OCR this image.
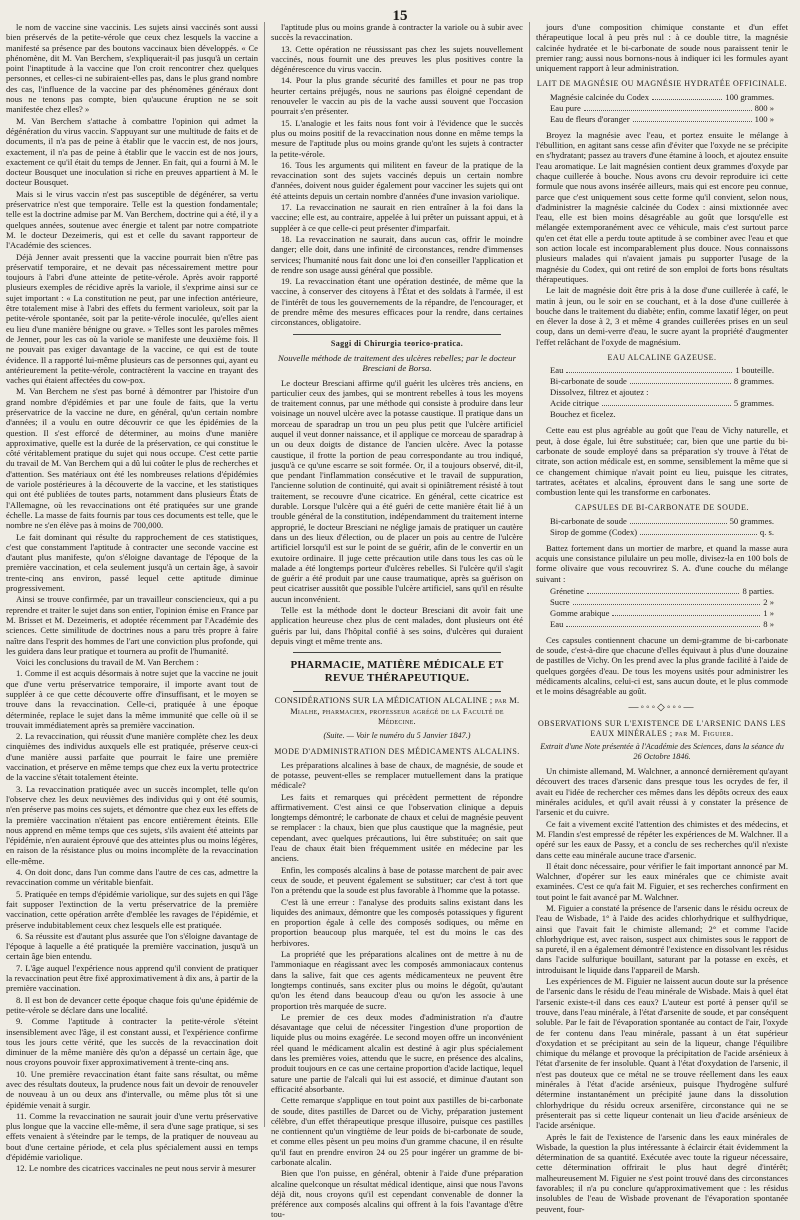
15

le nom de vaccine sine vaccinis. Les sujets ainsi vaccinés sont aussi bien préservés de la petite-vérole que ceux chez lesquels la vaccine a manifesté sa présence par des boutons vaccinaux bien développés. « Ce phénomène, dit M. Van Berchem, s'expliquerait-il pas jusqu'à un certain point l'inaptitude à la vaccine que l'on croit rencontrer chez quelques personnes, et celles-ci ne subiraient-elles pas, dans le plus grand nombre des cas, l'influence de la vaccine par des phénomènes généraux dont nous ne tenons pas compte, bien qu'aucune éruption ne se soit manifestée chez elles? »

M. Van Berchem s'attache à combattre l'opinion qui admet la dégénération du virus vaccin. S'appuyant sur une multitude de faits et de documents, il n'a pas de peine à établir que le vaccin est, de nos jours, exactement, il n'a pas de peine à établir que le vaccin est de nos jours, exactement ce qu'il était du temps de Jenner. En fait, qui a fourni à M. le docteur Bousquet une inoculation si riche en preuves appartient à M. le docteur Bousquet.

Mais si le virus vaccin n'est pas susceptible de dégénérer, sa vertu préservatrice n'est que temporaire. Telle est la question fondamentale; telle est la doctrine admise par M. Van Berchem, doctrine qui a été, il y a quelques années, soutenue avec énergie et talent par notre compatriote M. le docteur Dezeimeris, qui est et celle du savant rapporteur de l'Académie des sciences.

Déjà Jenner avait pressenti que la vaccine pourrait bien n'être pas préservatif temporaire, et ne devait pas nécessairement mettre pour toujours à l'abri d'une atteinte de petite-vérole. Après avoir rapporté plusieurs exemples de récidive après la variole, il s'exprime ainsi sur ce sujet important : « La constitution ne peut, par une infection antérieure, être totalement mise à l'abri des effets du ferment varioleux, soit par la petite-vérole spontanée, soit par la petite-vérole inoculée, qu'elles aient eu lieu d'une manière bénigne ou grave. » Telles sont les paroles mêmes de Jenner, pour les cas où la variole se manifeste une deuxième fois. Il ne pouvait pas exiger davantage de la vaccine, ce qui est de toute évidence. Il a rapporté lui-même plusieurs cas de personnes qui, ayant eu antérieurement la petite-vérole, contractèrent la vaccine en trayant des vaches qui étaient affectées du cow-pox.

M. Van Berchem ne s'est pas borné à démontrer par l'histoire d'un grand nombre d'épidémies et par une foule de faits, que la vertu préservatrice de la vaccine ne dure, en général, qu'un certain nombre d'années; il a voulu en outre découvrir ce que les épidémies de la question. Il s'est efforcé de déterminer, au moins d'une manière approximative, quelle est la durée de la préservation, ce qui constitue le côté véritablement pratique du sujet qui nous occupe. C'est cette partie du travail de M. Van Berchem qui a dû lui coûter le plus de recherches et d'attention. Ses matériaux ont été les nombreuses relations d'épidémies de variole postérieures à la découverte de la vaccine, et les statistiques qui ont été publiées de toutes parts, notamment dans plusieurs États de l'Allemagne, où les revaccinations ont été pratiquées sur une grande échelle. La masse de faits fournis par tous ces documents est telle, que le nombre ne s'en élève pas à moins de 700,000.

Le fait dominant qui résulte du rapprochement de ces statistiques, c'est que constamment l'aptitude à contracter une seconde vaccine est d'autant plus manifeste, qu'on s'éloigne davantage de l'époque de la première vaccination, et cela seulement jusqu'à un certain âge, à savoir trente-cinq ans environ, passé lequel cette aptitude diminue progressivement.

Ainsi se trouve confirmée, par un travailleur consciencieux, qui a pu reprendre et traiter le sujet dans son entier, l'opinion émise en France par M. Brisset et M. Dezeimeris, et adoptée récemment par l'Académie des sciences. Cette similitude de doctrines nous a paru très propre à faire naître dans l'esprit des hommes de l'art une conviction plus profonde, qui les guidera dans leur pratique et tournera au profit de l'humanité.

Voici les conclusions du travail de M. Van Berchem :

1. Comme il est acquis désormais à notre sujet que la vaccine ne jouit que d'une vertu préservatrice temporaire, il importe avant tout de suppléer à ce que cette découverte offre d'insuffisant, et le moyen se trouve dans la revaccination. Celle-ci, pratiquée à une époque déterminée, replace le sujet dans la même immunité que celle où il se trouvait immédiatement après sa première vaccination.

2. La revaccination, qui réussit d'une manière complète chez les deux cinquièmes des individus auxquels elle est pratiquée, préserve ceux-ci d'une manière aussi parfaite que pourrait le faire une première vaccination, et préserve en même temps que chez eux la vertu protectrice de la vaccine s'était totalement éteinte.

3. La revaccination pratiquée avec un succès incomplet, telle qu'on l'observe chez les deux neuvièmes des individus qui y ont été soumis, n'en préserve pas moins ces sujets, et démontre que chez eux les effets de la première vaccination n'étaient pas encore entièrement éteints. Elle nous apprend en même temps que ces sujets, s'ils avaient été atteints par l'épidémie, n'en auraient éprouvé que des atteintes plus ou moins légères, en raison de la résistance plus ou moins incomplète de la revaccination elle-même.

4. On doit donc, dans l'un comme dans l'autre de ces cas, admettre la revaccination comme un véritable bienfait.

5. Pratiquée en temps d'épidémie variolique, sur des sujets en qui l'âge fait supposer l'extinction de la vertu préservatrice de la première vaccination, cette opération arrête d'emblée les ravages de l'épidémie, et préserve indubitablement ceux chez lesquels elle est pratiquée.

6. Sa réussite est d'autant plus assurée que l'on s'éloigne davantage de l'époque à laquelle a été pratiquée la première vaccination, jusqu'à un certain âge bien entendu.

7. L'âge auquel l'expérience nous apprend qu'il convient de pratiquer la revaccination peut être fixé approximativement à dix ans, à partir de la première vaccination.

8. Il est bon de devancer cette époque chaque fois qu'une épidémie de petite-vérole se déclare dans une localité.

9. Comme l'aptitude à contracter la petite-vérole s'éteint insensiblement avec l'âge, il est constant aussi, et l'expérience confirme tous les jours cette vérité, que les succès de la revaccination doit diminuer de la même manière dès qu'on a dépassé un certain âge, que nous croyons pouvoir fixer approximativement à trente-cinq ans.

10. Une première revaccination étant faite sans résultat, ou même avec des résultats douteux, la prudence nous fait un devoir de renouveler de nouveau à un ou deux ans d'intervalle, ou même plus tôt si une épidémie venait à surgir.

11. Comme la revaccination ne saurait jouir d'une vertu préservative plus longue que la vaccine elle-même, il sera d'une sage pratique, si ses effets venaient à s'éteindre par le temps, de la pratiquer de nouveau au bout d'une certaine période, et cela plus spécialement aussi en temps d'épidémie variolique.

12. Le nombre des cicatrices vaccinales ne peut nous servir à mesurer

l'aptitude plus ou moins grande à contracter la variole ou à subir avec succès la revaccination.

13. Cette opération ne réussissant pas chez les sujets nouvellement vaccinés, nous fournit une des preuves les plus positives contre la dégénérescence du virus vaccin.

14. Pour la plus grande sécurité des familles et pour ne pas trop heurter certains préjugés, nous ne saurions pas éloigné cependant de renouveler le vaccin au pis de la vache aussi souvent que l'occasion pourrait s'en présenter.

15. L'analogie et les faits nous font voir à l'évidence que le succès plus ou moins positif de la revaccination nous donne en même temps la mesure de l'aptitude plus ou moins grande qu'ont les sujets à contracter la petite-vérole.

16. Tous les arguments qui militent en faveur de la pratique de la revaccination sont des sujets vaccinés depuis un certain nombre d'années, doivent nous guider également pour vacciner les sujets qui ont été atteints depuis un certain nombre d'années d'une invasion variolique.

17. La revaccination ne saurait en rien entraîner à la foi dans la vaccine; elle est, au contraire, appelée à lui prêter un puissant appui, et à suppléer à ce que celle-ci peut présenter d'imparfait.

18. La revaccination ne saurait, dans aucun cas, offrir le moindre danger; elle doit, dans une infinité de circonstances, rendre d'immenses services; l'humanité nous fait donc une loi d'en conseiller l'application et de rendre son usage aussi général que possible.

19. La revaccination étant une opération destinée, de même que la vaccine, à conserver des citoyens à l'État et des soldats à l'armée, il est de l'intérêt de tous les gouvernements de la répandre, de l'encourager, et de prendre même des mesures efficaces pour la rendre, dans certaines circonstances, obligatoire.

Saggi di Chirurgia teorico-pratica.
Nouvelle méthode de traitement des ulcères rebelles; par le docteur Bresciani de Borsa.

Le docteur Bresciani affirme qu'il guérit les ulcères très anciens, en particulier ceux des jambes, qui se montrent rebelles à tous les moyens de traitement connus, par une méthode qui consiste à produire dans leur voisinage un nouvel ulcère avec la potasse caustique. Il pratique dans un morceau de sparadrap un trou un peu plus petit que l'ulcère artificiel auquel il veut donner naissance, et il applique ce morceau de sparadrap à un ou deux doigts de distance de l'ancien ulcère. Avec la potasse caustique, il frotte la portion de peau correspondante au trou indiqué, jusqu'à ce qu'une escarre se soit formée. Or, il a toujours observé, dit-il, que pendant l'inflammation consécutive et le travail de suppuration, l'ancienne solution de continuité, qui avait si opiniâtrement résisté à tout traitement, se recouvre d'une cicatrice. En général, cette cicatrice est durable. Lorsque l'ulcère qui a été guéri de cette manière était lié à un trouble général de la constitution, indépendamment du traitement interne approprié, le docteur Bresciani ne néglige jamais de pratiquer un cautère dans un des lieux d'élection, ou de placer un pois au centre de l'ulcère artificiel lorsqu'il est sur le point de se guérir, afin de le convertir en un exutoire ordinaire. Il juge cette précaution utile dans tous les cas où le malade a été longtemps porteur d'ulcères rebelles. Si l'ulcère qu'il s'agit de guérir a été produit par une cause traumatique, après sa guérison on peut cicatriser aussitôt que possible l'ulcère artificiel, sans qu'il en résulte aucun inconvénient.

Telle est la méthode dont le docteur Bresciani dit avoir fait une application heureuse chez plus de cent malades, dont plusieurs ont été guéris par lui, dans l'hôpital confié à ses soins, d'ulcères qui duraient depuis vingt et même trente ans.

PHARMACIE, MATIÈRE MÉDICALE ET REVUE THÉRAPEUTIQUE.
CONSIDÉRATIONS SUR LA MÉDICATION ALCALINE ; par M. Mialhe, pharmacien, professeur agrégé de la Faculté de Médecine.
(Suite. — Voir le numéro du 5 Janvier 1847.)
MODE D'ADMINISTRATION DES MÉDICAMENTS ALCALINS.

Les préparations alcalines à base de chaux, de magnésie, de soude et de potasse, peuvent-elles se remplacer mutuellement dans la pratique médicale?

Les faits et remarques qui précèdent permettent de répondre affirmativement. C'est ainsi ce que l'observation clinique a depuis longtemps démontré; le carbonate de chaux et celui de magnésie peuvent se remplacer : la chaux, bien que plus caustique que la magnésie, peut cependant, avec quelques précautions, lui être substituée; on sait que l'eau de chaux était bien fréquemment usitée en médecine par les anciens.

Enfin, les composés alcalins à base de potasse marchent de pair avec ceux de soude, et peuvent également se substituer; car c'est à tort que l'on a prétendu que la soude est plus favorable à l'homme que la potasse.

C'est là une erreur : l'analyse des produits salins existant dans les liquides des animaux, démontre que les composés potassiques y figurent en proportion égale à celle des composés sodiques, ou même en proportion beaucoup plus marquée, tel est du moins le cas des herbivores.

La propriété que les préparations alcalines ont de mettre à nu de l'ammoniaque en réagissant avec les composés ammoniacaux contenus dans la salive, fait que ces agents médicamenteux ne peuvent être longtemps continués, sans exciter plus ou moins le dégoût, qu'autant qu'on les étend dans beaucoup d'eau ou qu'on les associe à une proportion très marquée de sucre.

Le premier de ces deux modes d'administration n'a d'autre désavantage que celui de nécessiter l'ingestion d'une proportion de liquide plus ou moins exagérée. Le second moyen offre un inconvénient réel quand le médicament alcalin est destiné à agir plus spécialement dans les premières voies, attendu que le sucre, en présence des alcalins, produit toujours en ce cas une certaine proportion d'acide lactique, lequel sature une partie de l'alcali qui lui est associé, et diminue d'autant son efficacité absorbante.

Cette remarque s'applique en tout point aux pastilles de bi-carbonate de soude, dites pastilles de Darcet ou de Vichy, préparation justement célèbre, d'un effet thérapeutique presque illusoire, puisque ces pastilles ne contiennent qu'un vingtième de leur poids de bi-carbonate de soude, et comme elles pèsent un peu moins d'un gramme chacune, il en résulte qu'il faut en prendre environ 24 ou 25 pour ingérer un gramme de bi-carbonate alcalin.

Bien que l'on puisse, en général, obtenir à l'aide d'une préparation alcaline quelconque un résultat médical identique, ainsi que nous l'avons déjà dit, nous croyons qu'il est cependant convenable de donner la préférence aux composés alcalins qui offrent à la fois l'avantage d'être tou-

jours d'une composition chimique constante et d'un effet thérapeutique local à peu près nul : à ce double titre, la magnésie calcinée hydratée et le bi-carbonate de soude nous paraissent tenir le premier rang; aussi nous bornons-nous à indiquer ici les formules ayant uniquement rapport à leur administration.

LAIT DE MAGNÉSIE OU MAGNÉSIE HYDRATÉE OFFICINALE.
Magnésie calcinée du Codex	100 grammes.
Eau pure	800 »
Eau de fleurs d'oranger	100 »

Broyez la magnésie avec l'eau, et portez ensuite le mélange à l'ébullition, en agitant sans cesse afin d'éviter que l'oxyde ne se précipite en s'hydratant; passez au travers d'une étamine à looch, et ajoutez ensuite l'eau aromatique. Le lait magnésien contient deux grammes d'oxyde par chaque cuillerée à bouche. Nous avons cru devoir reproduire ici cette formule que nous avons insérée ailleurs, mais qui est encore peu connue, parce que c'est uniquement sous cette forme qu'il convient, selon nous, d'administrer la magnésie calcinée du Codex : ainsi mixtionnée avec l'eau, elle est bien moins désagréable au goût que lorsqu'elle est mélangée extemporanément avec ce véhicule, mais c'est surtout parce qu'en cet état elle a perdu toute aptitude à se combiner avec l'eau et que son action locale est incomparablement plus douce. Nous connaissons plusieurs malades qui n'avaient jamais pu supporter l'usage de la magnésie du Codex, qui ont retiré de son emploi de forts bons résultats thérapeutiques.

Le lait de magnésie doit être pris à la dose d'une cuillerée à café, le matin à jeun, ou le soir en se couchant, et à la dose d'une cuillerée à bouche dans le traitement du diabète; enfin, comme laxatif léger, on peut en élever la dose à 2, 3 et même 4 grandes cuillerées prises en un seul coup, dans un demi-verre d'eau, le sucre ayant la propriété d'augmenter l'effet relâchant de l'oxyde de magnésium.

EAU ALCALINE GAZEUSE.
Eau	1 bouteille.
Bi-carbonate de soude	8 grammes.
Dissolvez, filtrez et ajoutez :
Acide citrique	5 grammes.
Bouchez et ficelez.

Cette eau est plus agréable au goût que l'eau de Vichy naturelle, et peut, à dose égale, lui être substituée; car, bien que une partie du bi-carbonate de soude employé dans sa préparation s'y trouve à l'état de citrate, son action médicale est, en somme, sensiblement la même que si ce changement chimique n'avait point eu lieu, puisque les citrates, tartrates, acétates et alcalins, éprouvent dans le sang une sorte de combustion lente qui les transforme en carbonates.

CAPSULES DE BI-CARBONATE DE SOUDE.
Bi-carbonate de soude	50 grammes.
Sirop de gomme (Codex)	q. s.

Battez fortement dans un mortier de marbre, et quand la masse aura acquis une consistance pilulaire un peu molle, divisez-la en 100 bols de forme olivaire que vous recouvrirez S. A. d'une couche du mélange suivant :

Grénetine	8 parties.
Sucre	2 »
Gomme arabique	1 »
Eau	8 »

Ces capsules contiennent chacune un demi-gramme de bi-carbonate de soude, c'est-à-dire que chacune d'elles équivaut à plus d'une douzaine de pastilles de Vichy. On les prend avec la plus grande facilité à l'aide de quelques gorgées d'eau. De tous les moyens usités pour administrer les médicaments alcalins, celui-ci est, sans aucun doute, et le plus commode et le moins désagréable au goût.

—◦◦◦◇◦◦◦—
OBSERVATIONS SUR L'EXISTENCE DE L'ARSENIC DANS LES EAUX MINÉRALES ; par M. Figuier.
Extrait d'une Note présentée à l'Académie des Sciences, dans la séance du 26 Octobre 1846.

Un chimiste allemand, M. Walchner, a annoncé dernièrement qu'ayant découvert des traces d'arsenic dans presque tous les ocrydes de fer, il avait eu l'idée de rechercher ces mêmes dans les dépôts ocreux des eaux minérales acidules, et qu'il avait réussi à y constater la présence de l'arsenic et du cuivre.

Ce fait a vivement excité l'attention des chimistes et des médecins, et M. Flandin s'est empressé de répéter les expériences de M. Walchner. Il a opéré sur les eaux de Passy, et a conclu de ses recherches qu'il n'existe dans cette eau minérale aucune trace d'arsenic.

Il était donc nécessaire, pour vérifier le fait important annoncé par M. Walchner, d'opérer sur les eaux minérales que ce chimiste avait examinées. C'est ce qu'a fait M. Figuier, et ses recherches confirment en tout point le fait avancé par M. Walchner.

M. Figuier a constaté la présence de l'arsenic dans le résidu ocreux de l'eau de Wisbade, 1° à l'aide des acides chlorhydrique et sulfhydrique, ainsi que l'avait fait le chimiste allemand; 2° et comme l'acide chlorhydrique est, avec raison, suspect aux chimistes sous le rapport de sa pureté, il en a également démontré l'existence en dissolvant les résidus dans l'acide sulfurique bouillant, saturant par la potasse en excès, et introduisant le liquide dans l'appareil de Marsh.

Les expériences de M. Figuier ne laissent aucun doute sur la présence de l'arsenic dans le résidu de l'eau minérale de Wisbade. Mais à quel état l'arsenic existe-t-il dans ces eaux? L'auteur est porté à penser qu'il se trouve, dans l'eau minérale, à l'état d'arsenite de soude, et par conséquent soluble. Par le fait de l'évaporation spontanée au contact de l'air, l'oxyde de fer contenu dans l'eau minérale, passant à un état supérieur d'oxydation et se précipitant au sein de la liqueur, change l'équilibre chimique du mélange et provoque la précipitation de l'acide arsénieux à l'état d'arsenite de fer insoluble. Quant à l'état d'oxydation de l'arsenic, il n'est pas douteux que ce métal ne se trouve réellement dans les eaux minérales à l'état d'acide arsénieux, puisque l'hydrogène sulfuré détermine instantanément un précipité jaune dans la dissolution chlorhydrique du résidu ocreux arsenifère, circonstance qui ne se présenterait pas si cette liqueur contenait un lieu d'acide arsénieux de l'acide arsénique.

Après le fait de l'existence de l'arsenic dans les eaux minérales de Wisbade, la question la plus intéressante à éclaircir était évidemment la détermination de sa quantité. Exécutée avec toute la rigueur nécessaire, cette détermination offrirait le plus haut degré d'intérêt; malheureusement M. Figuier ne s'est point trouvé dans des circonstances favorables; il n'a pu conclure qu'approximativement que : les résidus insolubles de l'eau de Wisbade provenant de l'évaporation spontanée peuvent, four-
